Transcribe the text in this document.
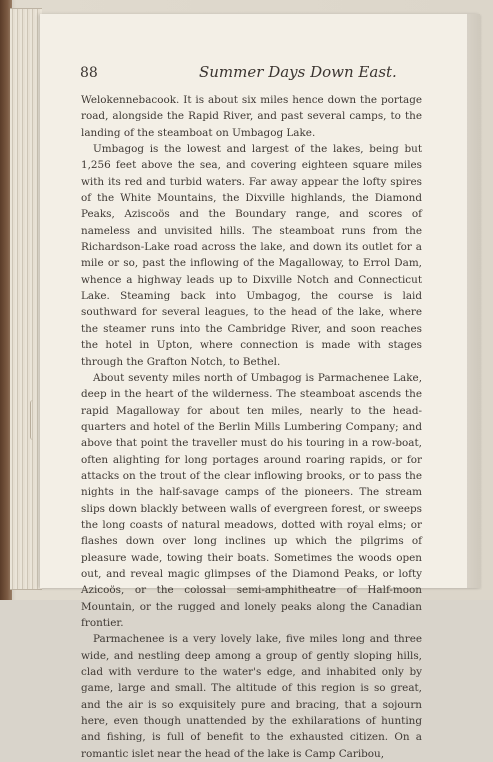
88	Summer Days Down East.

Welokennebacook. It is about six miles hence down the portage road, alongside the Rapid River, and past several camps, to the landing of the steamboat on Umbagog Lake.

Umbagog is the lowest and largest of the lakes, being but 1,256 feet above the sea, and covering eighteen square miles with its red and turbid waters. Far away appear the lofty spires of the White Mountains, the Dixville highlands, the Diamond Peaks, Aziscoös and the Boundary range, and scores of nameless and unvisited hills. The steamboat runs from the Richardson-Lake road across the lake, and down its outlet for a mile or so, past the inflowing of the Magalloway, to Errol Dam, whence a highway leads up to Dixville Notch and Connecticut Lake. Steaming back into Umbagog, the course is laid southward for several leagues, to the head of the lake, where the steamer runs into the Cambridge River, and soon reaches the hotel in Upton, where connection is made with stages through the Grafton Notch, to Bethel.

About seventy miles north of Umbagog is Parmachenee Lake, deep in the heart of the wilderness. The steamboat ascends the rapid Magalloway for about ten miles, nearly to the head-quarters and hotel of the Berlin Mills Lumbering Company; and above that point the traveller must do his touring in a row-boat, often alighting for long portages around roaring rapids, or for attacks on the trout of the clear inflowing brooks, or to pass the nights in the half-savage camps of the pioneers. The stream slips down blackly between walls of evergreen forest, or sweeps the long coasts of natural meadows, dotted with royal elms; or flashes down over long inclines up which the pilgrims of pleasure wade, towing their boats. Sometimes the woods open out, and reveal magic glimpses of the Diamond Peaks, or lofty Azicoös, or the colossal semi-amphitheatre of Half-moon Mountain, or the rugged and lonely peaks along the Canadian frontier.

Parmachenee is a very lovely lake, five miles long and three wide, and nestling deep among a group of gently sloping hills, clad with verdure to the water's edge, and inhabited only by game, large and small. The altitude of this region is so great, and the air is so exquisitely pure and bracing, that a sojourn here, even though unattended by the exhilarations of hunting and fishing, is full of benefit to the exhausted citizen. On a romantic islet near the head of the lake is Camp Caribou,
